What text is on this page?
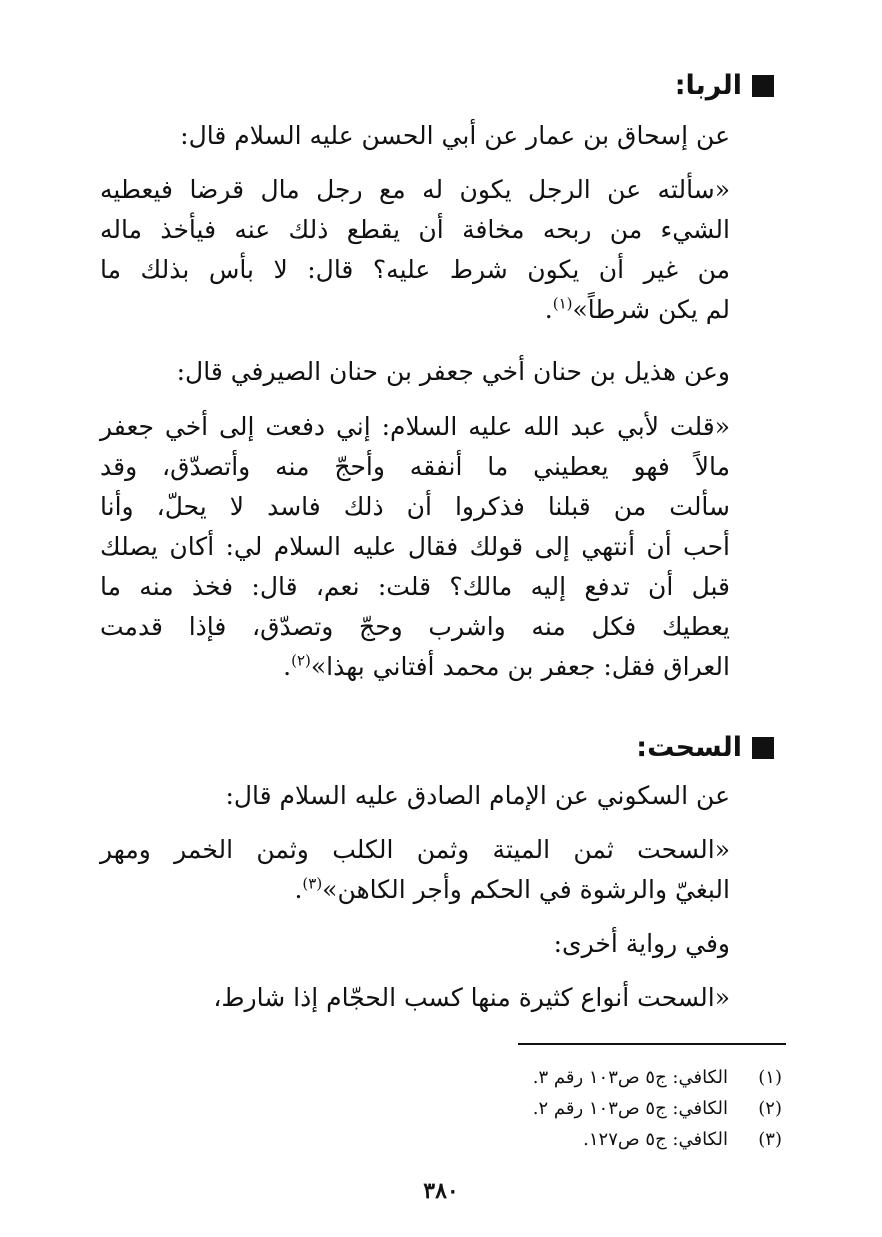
الربا:
عن إسحاق بن عمار عن أبي الحسن عليه السلام قال:
«سألته عن الرجل يكون له مع رجل مال قرضا فيعطيه
الشيء من ربحه مخافة أن يقطع ذلك عنه فيأخذ ماله
من غير أن يكون شرط عليه؟ قال: لا بأس بذلك ما
لم يكن شرطاً»$^{(١)}$.
وعن هذيل بن حنان أخي جعفر بن حنان الصيرفي قال:
«قلت لأبي عبد الله عليه السلام: إني دفعت إلى أخي جعفر
مالاً فهو يعطيني ما أنفقه وأحجّ منه وأتصدّق، وقد
سألت من قبلنا فذكروا أن ذلك فاسد لا يحلّ، وأنا
أحب أن أنتهي إلى قولك فقال عليه السلام لي: أكان يصلك
قبل أن تدفع إليه مالك؟ قلت: نعم، قال: فخذ منه ما
يعطيك فكل منه واشرب وحجّ وتصدّق، فإذا قدمت
العراق فقل: جعفر بن محمد أفتاني بهذا»$^{(٢)}$.
السحت:
عن السكوني عن الإمام الصادق عليه السلام قال:
«السحت ثمن الميتة وثمن الكلب وثمن الخمر ومهر
البغيّ والرشوة في الحكم وأجر الكاهن»$^{(٣)}$.
وفي رواية أخرى:
«السحت أنواع كثيرة منها كسب الحجّام إذا شارط،
(١)
الكافي: ج٥ ص١٠٣ رقم ٣.
(٢)
الكافي: ج٥ ص١٠٣ رقم ٢.
(٣)
الكافي: ج٥ ص١٢٧.
٣٨٠
